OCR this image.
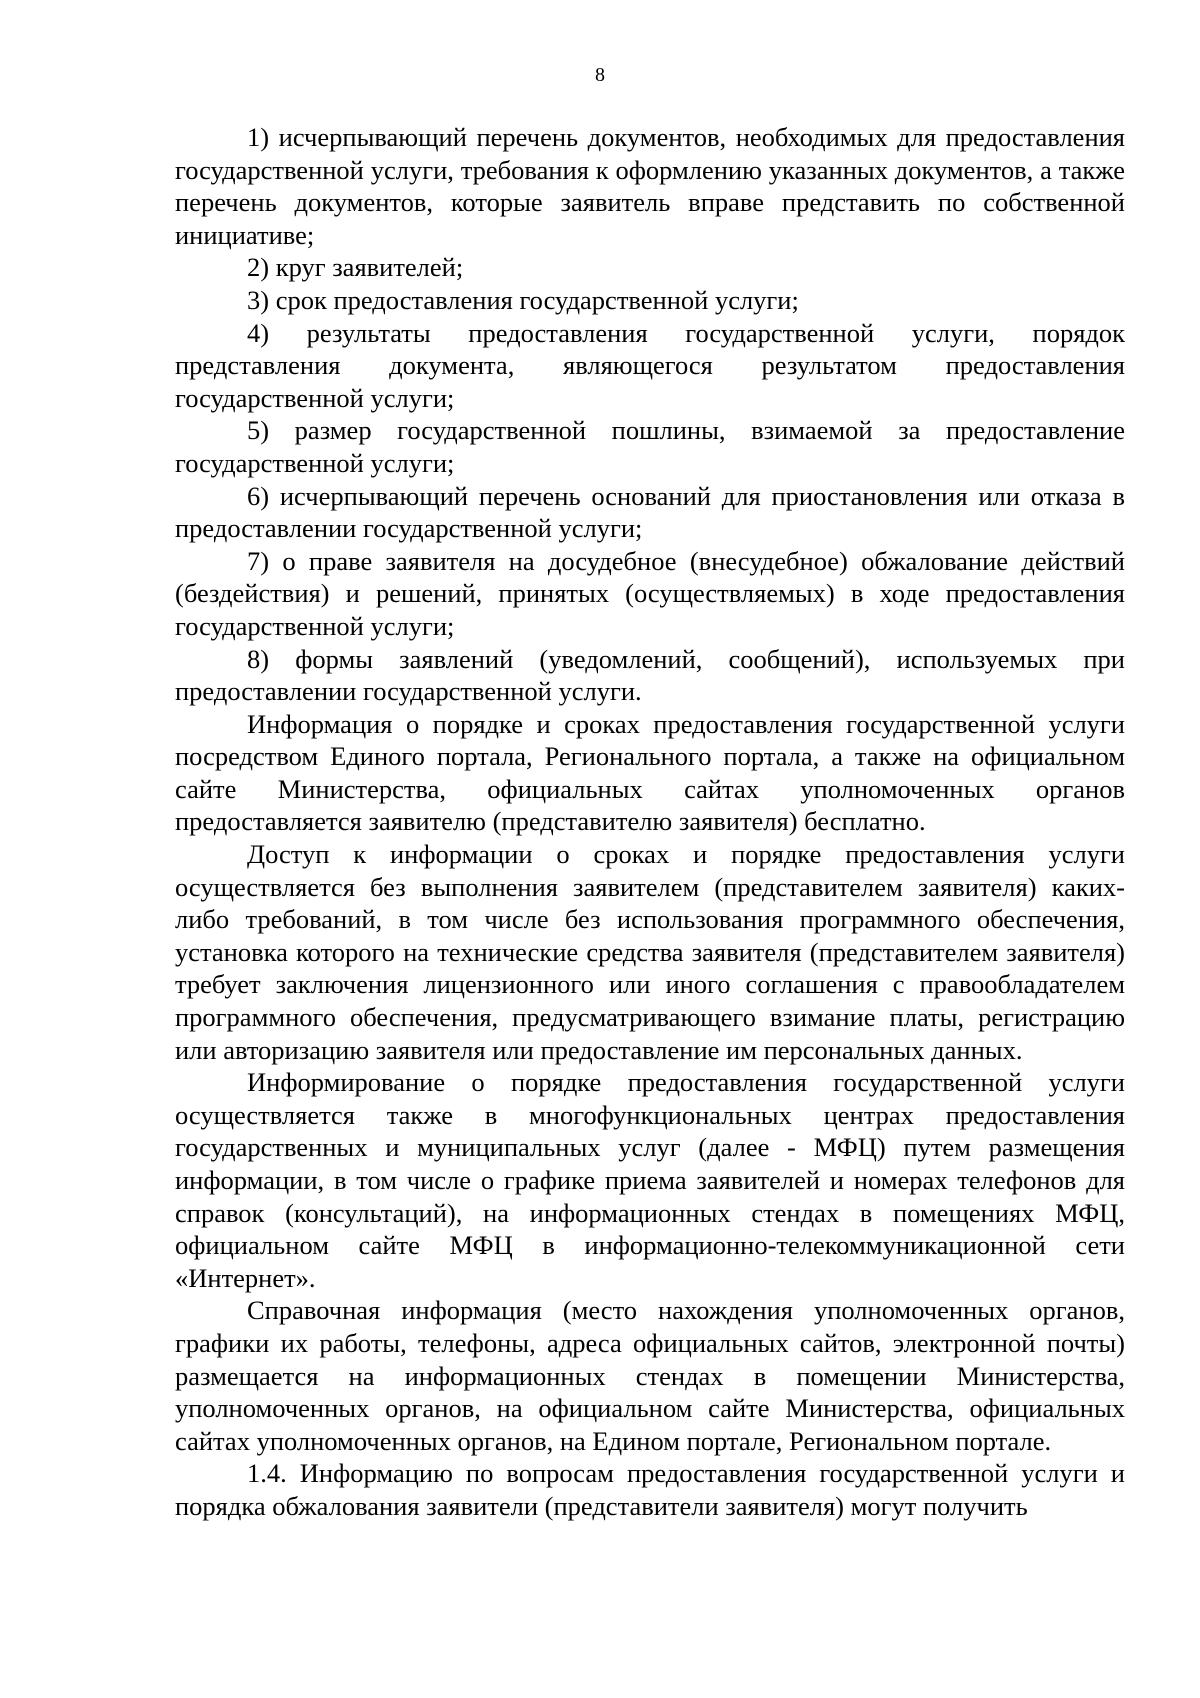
8

1) исчерпывающий перечень документов, необходимых для предоставления государственной услуги, требования к оформлению указанных документов, а также перечень документов, которые заявитель вправе представить по собственной инициативе;

2) круг заявителей;

3) срок предоставления государственной услуги;

4) результаты предоставления государственной услуги, порядок представления документа, являющегося результатом предоставления государственной услуги;

5) размер государственной пошлины, взимаемой за предоставление государственной услуги;

6) исчерпывающий перечень оснований для приостановления или отказа в предоставлении государственной услуги;

7) о праве заявителя на досудебное (внесудебное) обжалование действий (бездействия) и решений, принятых (осуществляемых) в ходе предоставления государственной услуги;

8) формы заявлений (уведомлений, сообщений), используемых при предоставлении государственной услуги.

Информация о порядке и сроках предоставления государственной услуги посредством Единого портала, Регионального портала, а также на официальном сайте Министерства, официальных сайтах уполномоченных органов предоставляется заявителю (представителю заявителя) бесплатно.

Доступ к информации о сроках и порядке предоставления услуги осуществляется без выполнения заявителем (представителем заявителя) каких-либо требований, в том числе без использования программного обеспечения, установка которого на технические средства заявителя (представителем заявителя) требует заключения лицензионного или иного соглашения с правообладателем программного обеспечения, предусматривающего взимание платы, регистрацию или авторизацию заявителя или предоставление им персональных данных.

Информирование о порядке предоставления государственной услуги осуществляется также в многофункциональных центрах предоставления государственных и муниципальных услуг (далее - МФЦ) путем размещения информации, в том числе о графике приема заявителей и номерах телефонов для справок (консультаций), на информационных стендах в помещениях МФЦ, официальном сайте МФЦ в информационно-телекоммуникационной сети «Интернет».

Справочная информация (место нахождения уполномоченных органов, графики их работы, телефоны, адреса официальных сайтов, электронной почты) размещается на информационных стендах в помещении Министерства, уполномоченных органов, на официальном сайте Министерства, официальных сайтах уполномоченных органов, на Едином портале, Региональном портале.

1.4. Информацию по вопросам предоставления государственной услуги и порядка обжалования заявители (представители заявителя) могут получить
